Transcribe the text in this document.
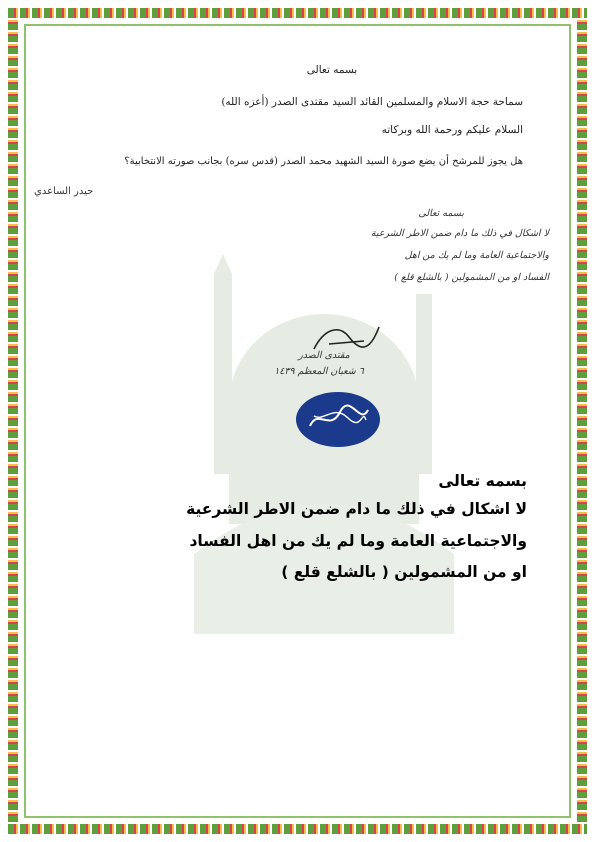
بسمه تعالى
سماحة حجة الاسلام والمسلمين القائد السيد مقتدى الصدر (أعزه الله)
السلام عليكم ورحمة الله وبركاته
هل يجوز للمرشح أن يضع صورة السيد الشهيد محمد الصدر (قدس سره) بجانب صورته الانتخابية؟
حيدر الساعدي
بسمه تعالى
لا اشكال في ذلك ما دام ضمن الاطر الشرعية
والاجتماعية العامة وما لم يك من اهل
الفساد او من المشمولين ( بالشلع قلع )
مقتدى الصدر
٦ شعبان المعظم ١٤٣٩
بسمه تعالى
لا اشكال في ذلك ما دام ضمن الاطر الشرعية
والاجتماعية العامة وما لم يك من اهل الفساد
او من المشمولين ( بالشلع قلع )
